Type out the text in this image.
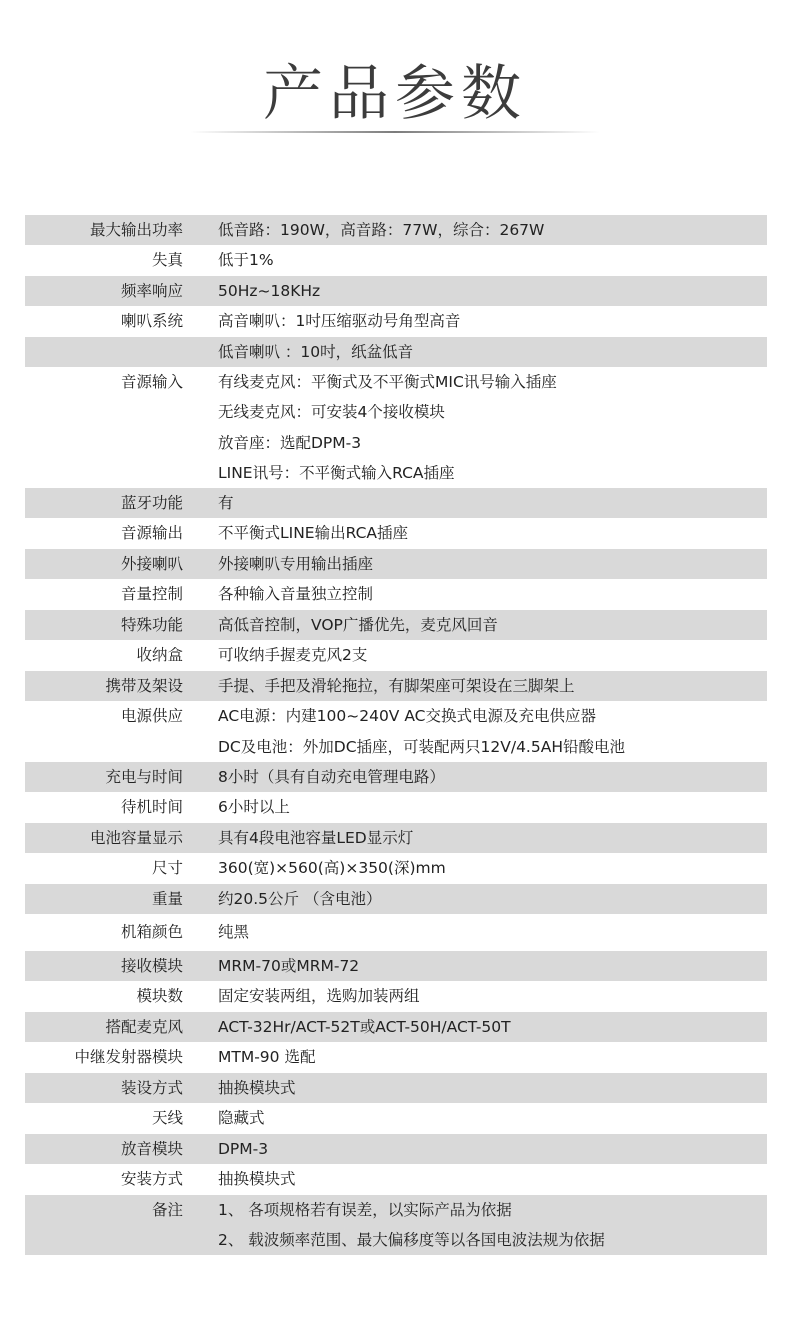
产品参数
最大输出功率 低音路：190W，高音路：77W，综合：267W
失真 低于1%
频率响应 50Hz~18KHz
喇叭系统 高音喇叭：1吋压缩驱动号角型高音
低音喇叭 ：10吋，纸盆低音
音源输入 有线麦克风：平衡式及不平衡式MIC讯号输入插座
无线麦克风：可安装4个接收模块
放音座：选配DPM-3
LINE讯号：不平衡式输入RCA插座
蓝牙功能 有
音源输出 不平衡式LINE输出RCA插座
外接喇叭 外接喇叭专用输出插座
音量控制 各种输入音量独立控制
特殊功能 高低音控制，VOP广播优先，麦克风回音
收纳盒 可收纳手握麦克风2支
携带及架设 手提、手把及滑轮拖拉，有脚架座可架设在三脚架上
电源供应 AC电源：内建100~240V AC交换式电源及充电供应器
DC及电池：外加DC插座，可装配两只12V/4.5AH铅酸电池
充电与时间 8小时（具有自动充电管理电路）
待机时间 6小时以上
电池容量显示 具有4段电池容量LED显示灯
尺寸 360(宽)×560(高)×350(深)mm
重量 约20.5公斤 （含电池）
机箱颜色 纯黑
接收模块 MRM-70或MRM-72
模块数 固定安装两组，选购加装两组
搭配麦克风 ACT-32Hr/ACT-52T或ACT-50H/ACT-50T
中继发射器模块 MTM-90 选配
装设方式 抽换模块式
天线 隐藏式
放音模块 DPM-3
安装方式 抽换模块式
备注 1、 各项规格若有误差，以实际产品为依据
2、 载波频率范围、最大偏移度等以各国电波法规为依据
